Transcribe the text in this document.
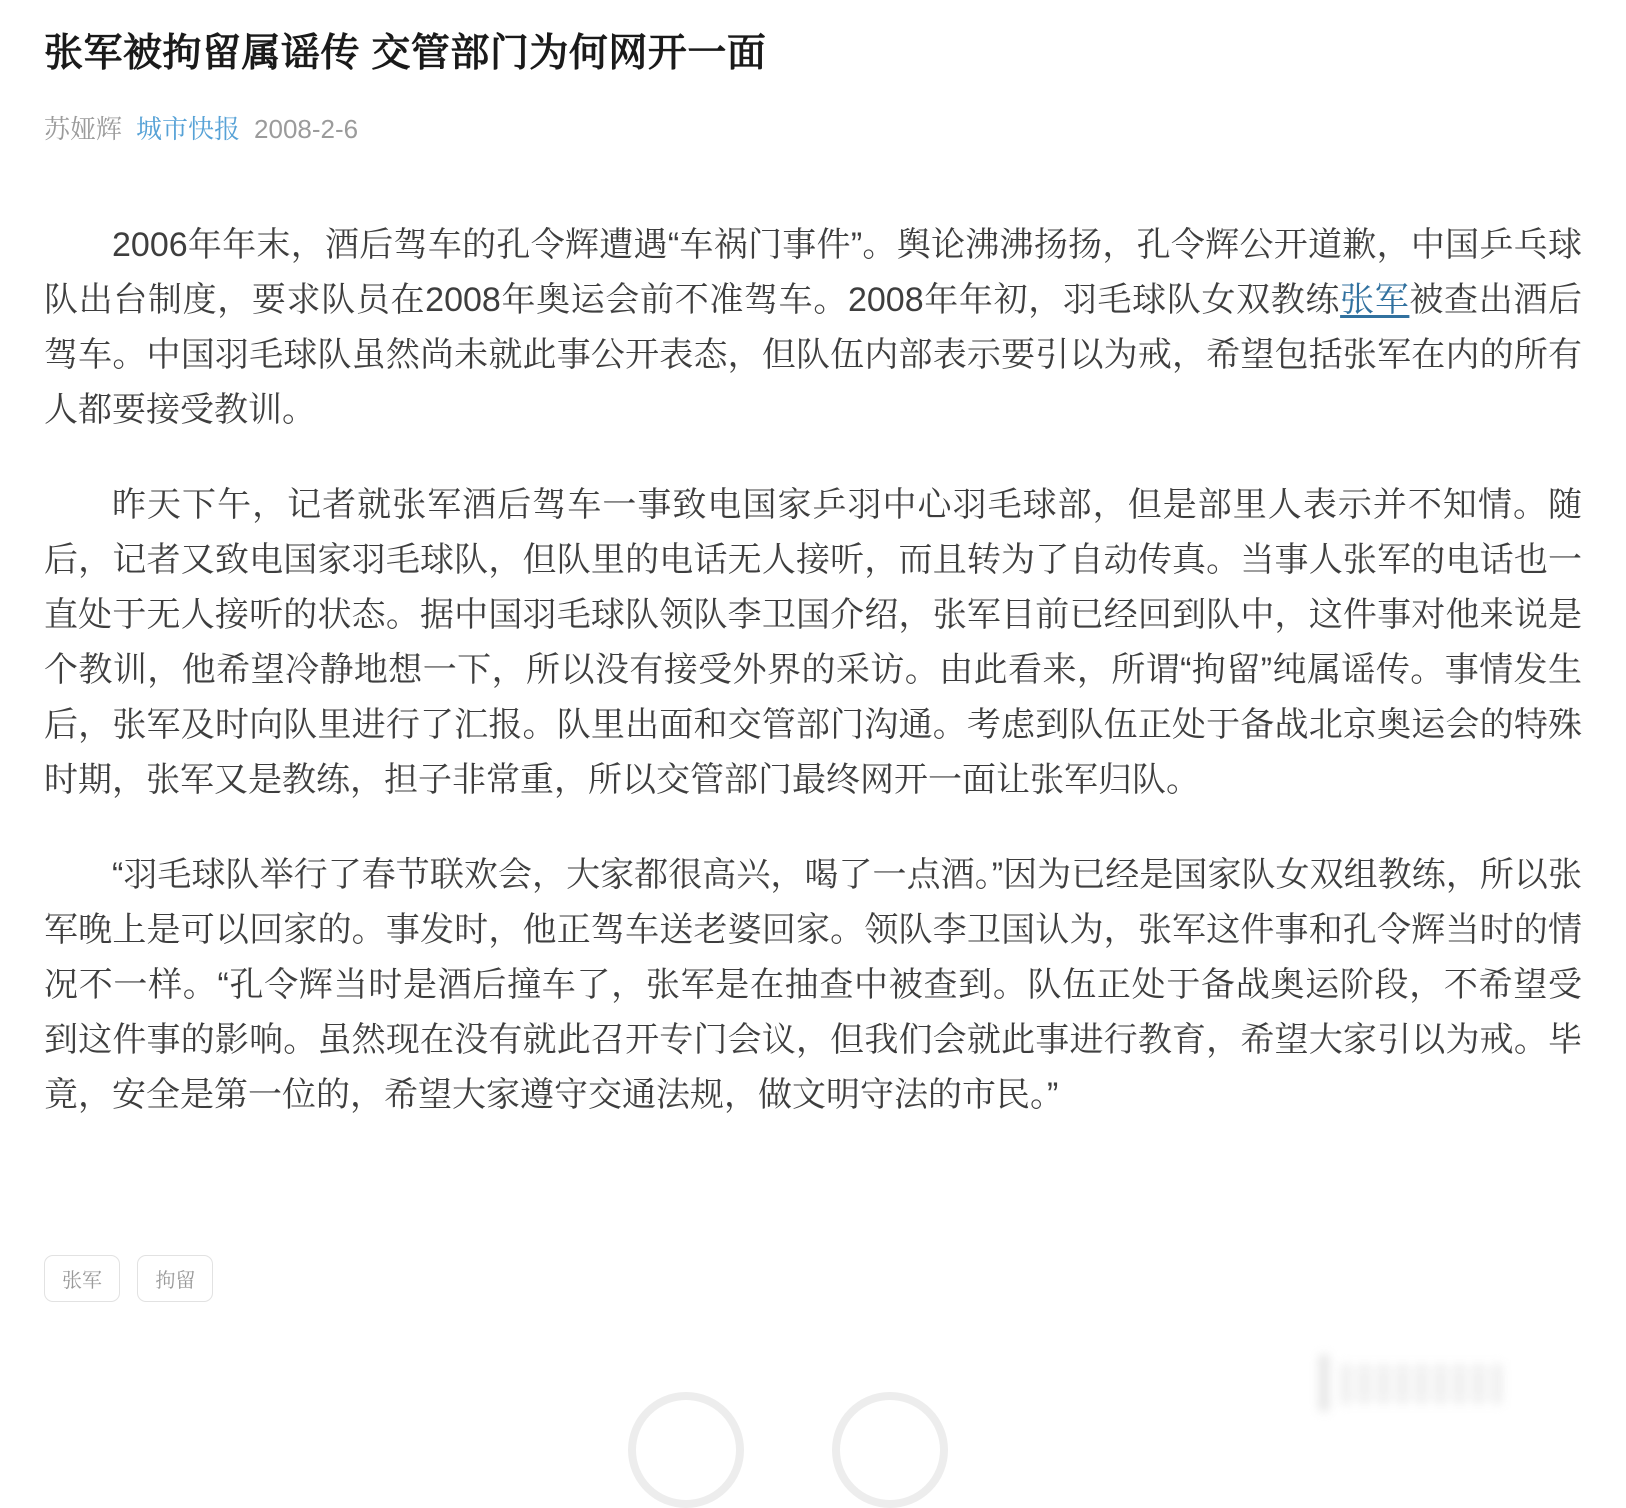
张军被拘留属谣传 交管部门为何网开一面
苏娅辉 城市快报 2008-2-6

2006年年末，酒后驾车的孔令辉遭遇“车祸门事件”。舆论沸沸扬扬，孔令辉公开道歉，中国乒乓球队出台制度，要求队员在2008年奥运会前不准驾车。2008年年初，羽毛球队女双教练张军被查出酒后驾车。中国羽毛球队虽然尚未就此事公开表态，但队伍内部表示要引以为戒，希望包括张军在内的所有人都要接受教训。

昨天下午，记者就张军酒后驾车一事致电国家乒羽中心羽毛球部，但是部里人表示并不知情。随后，记者又致电国家羽毛球队，但队里的电话无人接听，而且转为了自动传真。当事人张军的电话也一直处于无人接听的状态。据中国羽毛球队领队李卫国介绍，张军目前已经回到队中，这件事对他来说是个教训，他希望冷静地想一下，所以没有接受外界的采访。由此看来，所谓“拘留”纯属谣传。事情发生后，张军及时向队里进行了汇报。队里出面和交管部门沟通。考虑到队伍正处于备战北京奥运会的特殊时期，张军又是教练，担子非常重，所以交管部门最终网开一面让张军归队。

“羽毛球队举行了春节联欢会，大家都很高兴，喝了一点酒。”因为已经是国家队女双组教练，所以张军晚上是可以回家的。事发时，他正驾车送老婆回家。领队李卫国认为，张军这件事和孔令辉当时的情况不一样。“孔令辉当时是酒后撞车了，张军是在抽查中被查到。队伍正处于备战奥运阶段，不希望受到这件事的影响。虽然现在没有就此召开专门会议，但我们会就此事进行教育，希望大家引以为戒。毕竟，安全是第一位的，希望大家遵守交通法规，做文明守法的市民。”

张军	拘留
